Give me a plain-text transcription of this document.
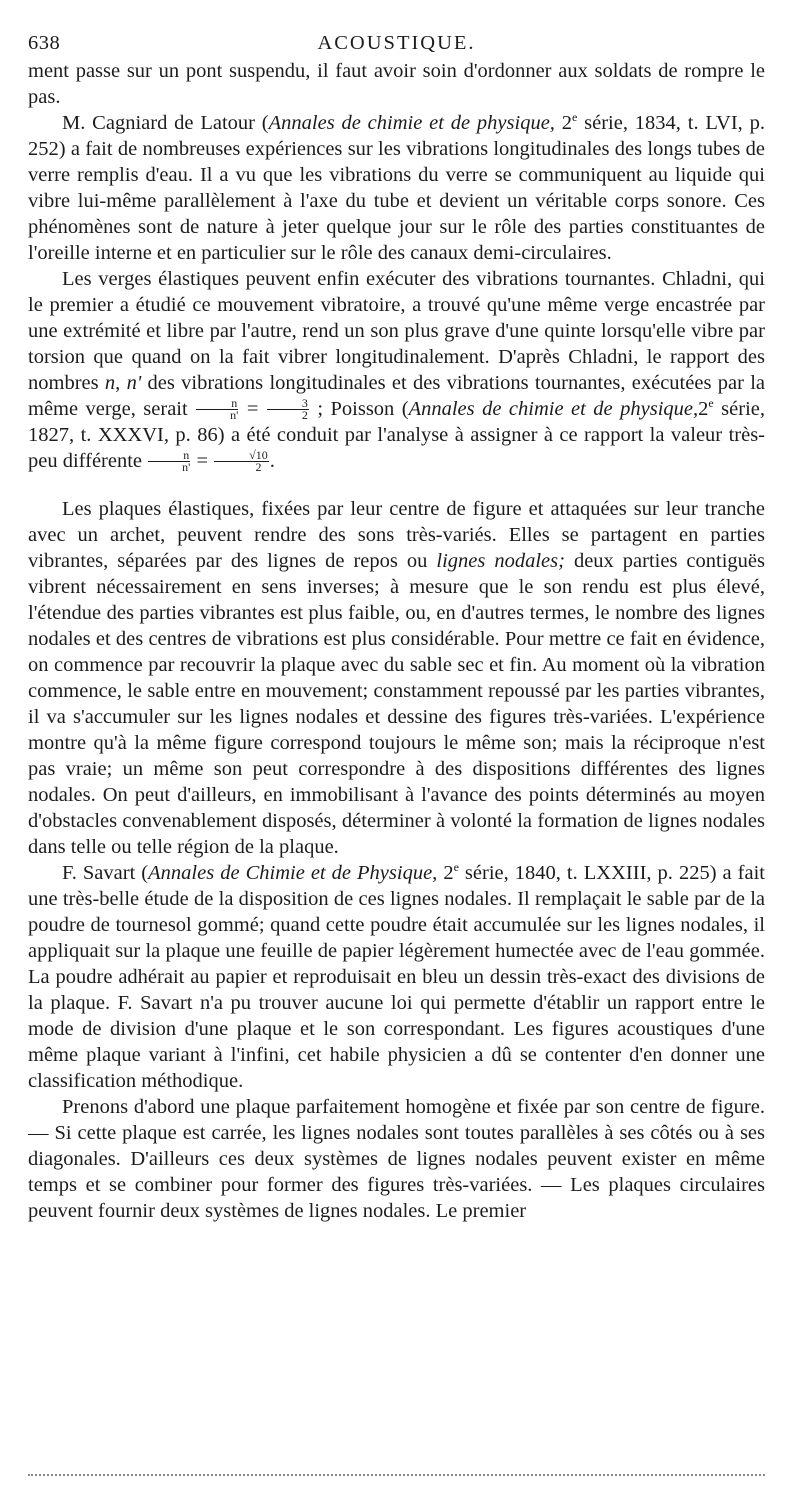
638	ACOUSTIQUE.

ment passe sur un pont suspendu, il faut avoir soin d'ordonner aux soldats de rompre le pas.

M. Cagniard de Latour (Annales de chimie et de physique, 2e série, 1834, t. LVI, p. 252) a fait de nombreuses expériences sur les vibrations longitudinales des longs tubes de verre remplis d'eau. Il a vu que les vibrations du verre se communiquent au liquide qui vibre lui-même parallèlement à l'axe du tube et devient un véritable corps sonore. Ces phénomènes sont de nature à jeter quelque jour sur le rôle des parties constituantes de l'oreille interne et en particulier sur le rôle des canaux demi-circulaires.

Les verges élastiques peuvent enfin exécuter des vibrations tournantes. Chladni, qui le premier a étudié ce mouvement vibratoire, a trouvé qu'une même verge encastrée par une extrémité et libre par l'autre, rend un son plus grave d'une quinte lorsqu'elle vibre par torsion que quand on la fait vibrer longitudinalement. D'après Chladni, le rapport des nombres n, n' des vibrations longitudinales et des vibrations tournantes, exécutées par la même verge, serait $\frac{n}{n'} = \frac{3}{2}$ ; Poisson (Annales de chimie et de physique,2e série, 1827, t. XXXVI, p. 86) a été conduit par l'analyse à assigner à ce rapport la valeur très-peu différente $\frac{n}{n'} = \frac{√10}{2}$ .

Les plaques élastiques, fixées par leur centre de figure et attaquées sur leur tranche avec un archet, peuvent rendre des sons très-variés. Elles se partagent en parties vibrantes, séparées par des lignes de repos ou lignes nodales; deux parties contiguës vibrent nécessairement en sens inverses; à mesure que le son rendu est plus élevé, l'étendue des parties vibrantes est plus faible, ou, en d'autres termes, le nombre des lignes nodales et des centres de vibrations est plus considérable. Pour mettre ce fait en évidence, on commence par recouvrir la plaque avec du sable sec et fin. Au moment où la vibration commence, le sable entre en mouvement; constamment repoussé par les parties vibrantes, il va s'accumuler sur les lignes nodales et dessine des figures très-variées. L'expérience montre qu'à la même figure correspond toujours le même son; mais la réciproque n'est pas vraie; un même son peut correspondre à des dispositions différentes des lignes nodales. On peut d'ailleurs, en immobilisant à l'avance des points déterminés au moyen d'obstacles convenablement disposés, déterminer à volonté la formation de lignes nodales dans telle ou telle région de la plaque.

F. Savart (Annales de Chimie et de Physique, 2e série, 1840, t. LXXIII, p. 225) a fait une très-belle étude de la disposition de ces lignes nodales. Il remplaçait le sable par de la poudre de tournesol gommé; quand cette poudre était accumulée sur les lignes nodales, il appliquait sur la plaque une feuille de papier légèrement humectée avec de l'eau gommée. La poudre adhérait au papier et reproduisait en bleu un dessin très-exact des divisions de la plaque. F. Savart n'a pu trouver aucune loi qui permette d'établir un rapport entre le mode de division d'une plaque et le son correspondant. Les figures acoustiques d'une même plaque variant à l'infini, cet habile physicien a dû se contenter d'en donner une classification méthodique.

Prenons d'abord une plaque parfaitement homogène et fixée par son centre de figure. — Si cette plaque est carrée, les lignes nodales sont toutes parallèles à ses côtés ou à ses diagonales. D'ailleurs ces deux systèmes de lignes nodales peuvent exister en même temps et se combiner pour former des figures très-variées. — Les plaques circulaires peuvent fournir deux systèmes de lignes nodales. Le premier
